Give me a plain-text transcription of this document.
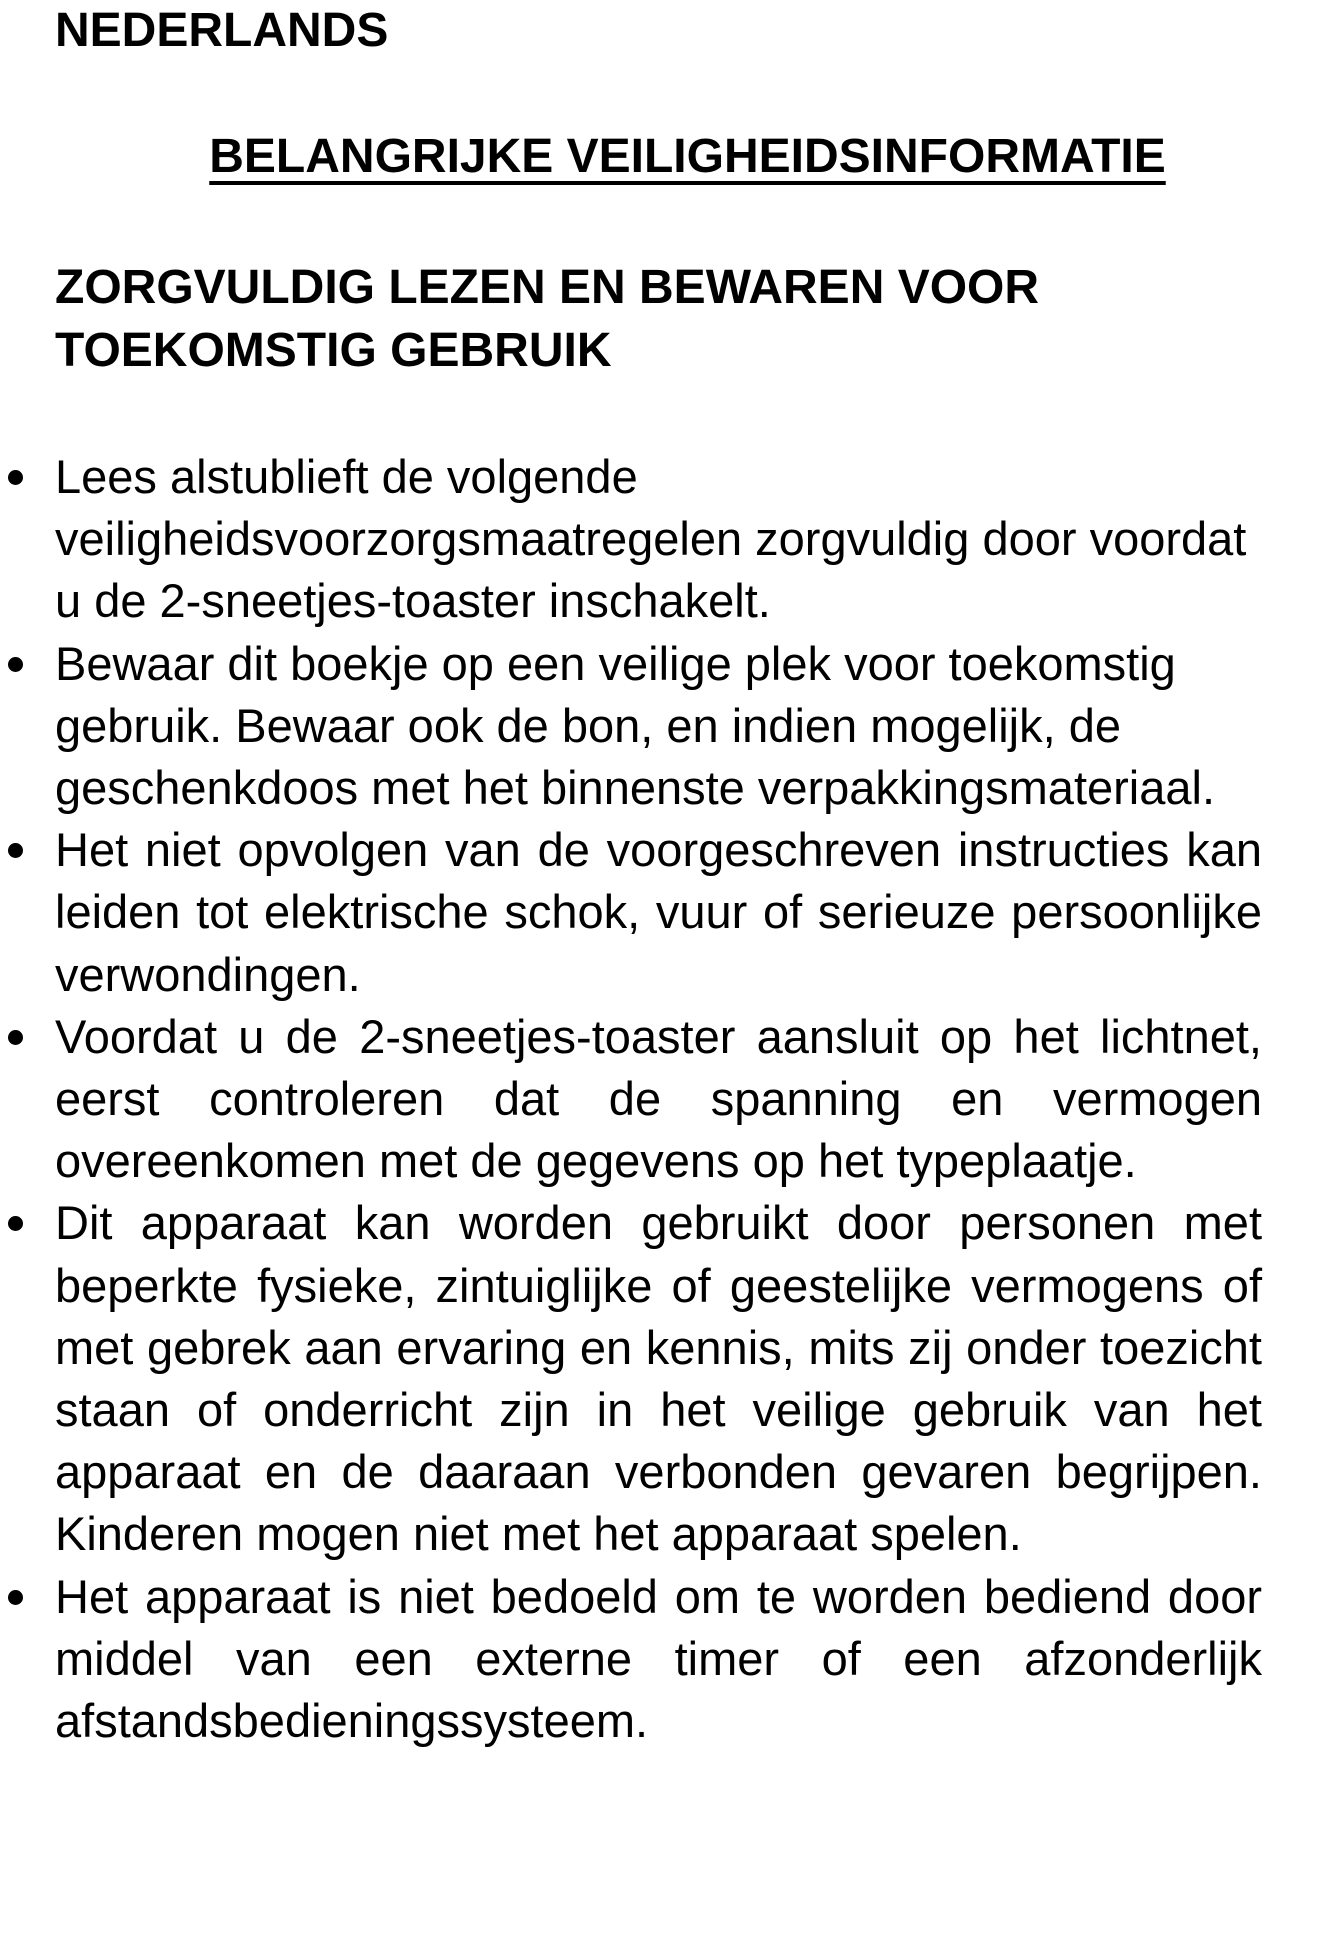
NEDERLANDS
BELANGRIJKE VEILIGHEIDSINFORMATIE
ZORGVULDIG LEZEN EN BEWAREN VOOR TOEKOMSTIG GEBRUIK
Lees alstublieft de volgende veiligheidsvoorzorgsmaatregelen zorgvuldig door voordat u de 2-sneetjes-toaster inschakelt.
Bewaar dit boekje op een veilige plek voor toekomstig gebruik. Bewaar ook de bon, en indien mogelijk, de geschenkdoos met het binnenste verpakkingsmateriaal.
Het niet opvolgen van de voorgeschreven instructies kan leiden tot elektrische schok, vuur of serieuze persoonlijke verwondingen.
Voordat u de 2-sneetjes-toaster aansluit op het lichtnet, eerst controleren dat de spanning en vermogen overeenkomen met de gegevens op het typeplaatje.
Dit apparaat kan worden gebruikt door personen met beperkte fysieke, zintuiglijke of geestelijke vermogens of met gebrek aan ervaring en kennis, mits zij onder toezicht staan of onderricht zijn in het veilige gebruik van het apparaat en de daaraan verbonden gevaren begrijpen. Kinderen mogen niet met het apparaat spelen.
Het apparaat is niet bedoeld om te worden bediend door middel van een externe timer of een afzonderlijk afstandsbedieningssysteem.
